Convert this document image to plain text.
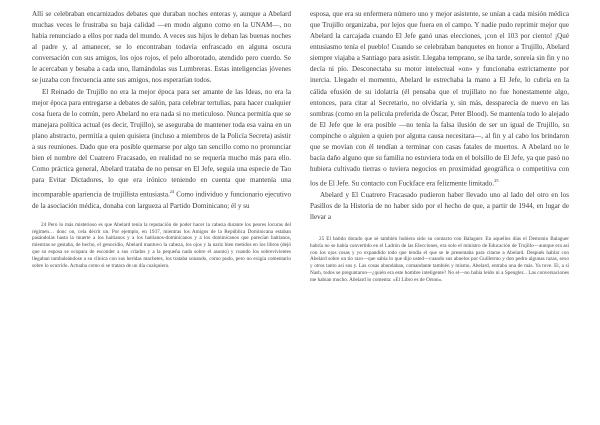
Allí se celebraban encarnizados debates que duraban noches enteras y, aunque a Abelard muchas veces le frustraba su baja calidad —en modo alguno como en la UNAM—, no había renunciado a ellos por nada del mundo. A veces sus hijos le deban las buenas noches al padre y, al amanecer, se lo encontraban todavía enfrascado en alguna oscura conversación con sus amigos, los ojos rojos, el pelo alborotado, atendido pero cuerdo. Se le acercaban y besaba a cada uno, llamándolas sus Lumbreras. Estas inteligencias jóvenes se juzaba con frecuencia ante sus amigos, nos esperarían todos.

El Reinado de Trujillo no era la mejor época para ser amante de las Ideas, no era la mejor época para entregarse a debates de salón, para celebrar tertulias, para hacer cualquier cosa fuera de lo común, pero Abelard no era nada si no meticuloso. Nunca permitía que se manejara política actual (es decir, Trujillo), se aseguraba de mantener toda esa vaina en un plano abstracto, permitía a quien quisiera (incluso a miembros de la Policía Secreta) asistir a sus reuniones. Dado que era posible quemarse por algo tan sencillo como no pronunciar bien el nombre del Cuatrero Fracasado, en realidad no se requería mucho más para ello. Como práctica general, Abelard trataba de no pensar en El Jefe, seguía una especie de Tao para Evitar Dictadores, lo que era irónico teniendo en cuenta que mantenía una incomparable apariencia de trujillista entusiasta.$^{24}$ Como individuo y funcionario ejecutivo de la asociación médica, donaba con largueza al Partido Dominicano; él y su

24 Pero lo más misterioso es que Abelard tenía la reputación de poder hacer la cabeza durante los peores locuras del régimen… donc on, cela décrit un. Por ejemplo, en 1937, mientras los Amigos de la República Dominicana estaban pasándolas hasta la muerte a los haitianos y a los haitianos-dominicanos y a los dominicanos que parecían haitianos, mientras se gestaba, de hecho, el genocidio, Abelard mantuvo la cabeza, los ojos y la nariz bien metidos en los libros (dejó que su esposa se ocupara de esconder a sus criados y a la pequeña nada sobre el asunto) y cuando los sobrevivientes llegaban tambaleándose a su clínica con sus heridas machetes, los trataba sonando, como pudo, pero no exigía comentario sobre lo ocurrido. Actuaba como si se tratara de un día cualquiera.

esposa, que era su enfermera número uno y mejor asistente, se unían a cada misión médica que Trujillo organizaba, por lejos que fuera en el campo. Y nadie pudo reprimir mejor que Abelard la carcajada cuando El Jefe ganó unas elecciones, ¡con el 103 por ciento! ¡Qué entusiasmo tenía el pueblo! Cuando se celebraban banquetes en honor a Trujillo, Abelard siempre viajaba a Santiago para asistir. Llegaba temprano, se iba tarde, sonreía sin fin y no decía ni pío. Desconectaba su motor intelectual «on» y funcionaba estrictamente por inercia. Llegado el momento, Abelard le estrechaba la mano a El Jefe, lo cubría en la cálida efusión de su idolatría (él pensaba que el trujillato no fue honestamente algo, entonces, para citar al Secretario, no olvidaría y, sin más, dessparecía de nuevo en las sombras (como en la película preferida de Óscar, Peter Blood). Se mantenía todo lo alejado de El Jefe que le era posible —no tenía la falsa ilusión de ser un igual de Trujillo, su compinche o alguien a quien por alguna causa necesitara—, al fin y al cabo los brindaron que se movían con él tendían a terminar con casas fatales de muertos. A Abelard no le bacía daño alguno que su familia no estuviera toda en el bolsillo de El Jefe, ya que pasó no hubiera cultivado tierras o tuviera negocios en proximidad geográfica o competitiva con los de El Jefe. Su contacto con Fuckface era felizmente limitado.$^{25}$

Abelard y El Cuatrero Fracasado pudieron haber llevado uno al lado del otro en los Pasillos de la Historia de no haber sido por el hecho de que, a partir de 1944, en lugar de llevar a

25 El batido dorado que sé también hubiera sido su contacto con Balaguer. En aquellos días el Demonio Balaguer habría no se había convertido en el Ladrón de las Elecciones, era solo el ministro de Educación de Trujillo—aunque era así con los ojos cosas y yo expandido todo que tendía el que se le presentaba para citarse a Abelard. Después hablar con Abelard sobre un tío raro—que sabía lo que dijo usted—cuando sus abuelos por Guillermo y don pedro algunas razas, sexo y otros tanto así sus y. Las cosas abundaban, comandante también y mismo, Abelard, entraba una de más. Ya tuve. El, a sí Nash, todos se preguntaron—¿quién era este hombre inteligente? No el—no había leído ni a Spengler... Las conversaciones me habían mucho. Abelard lo comenta: «El Libro es de Orson».
